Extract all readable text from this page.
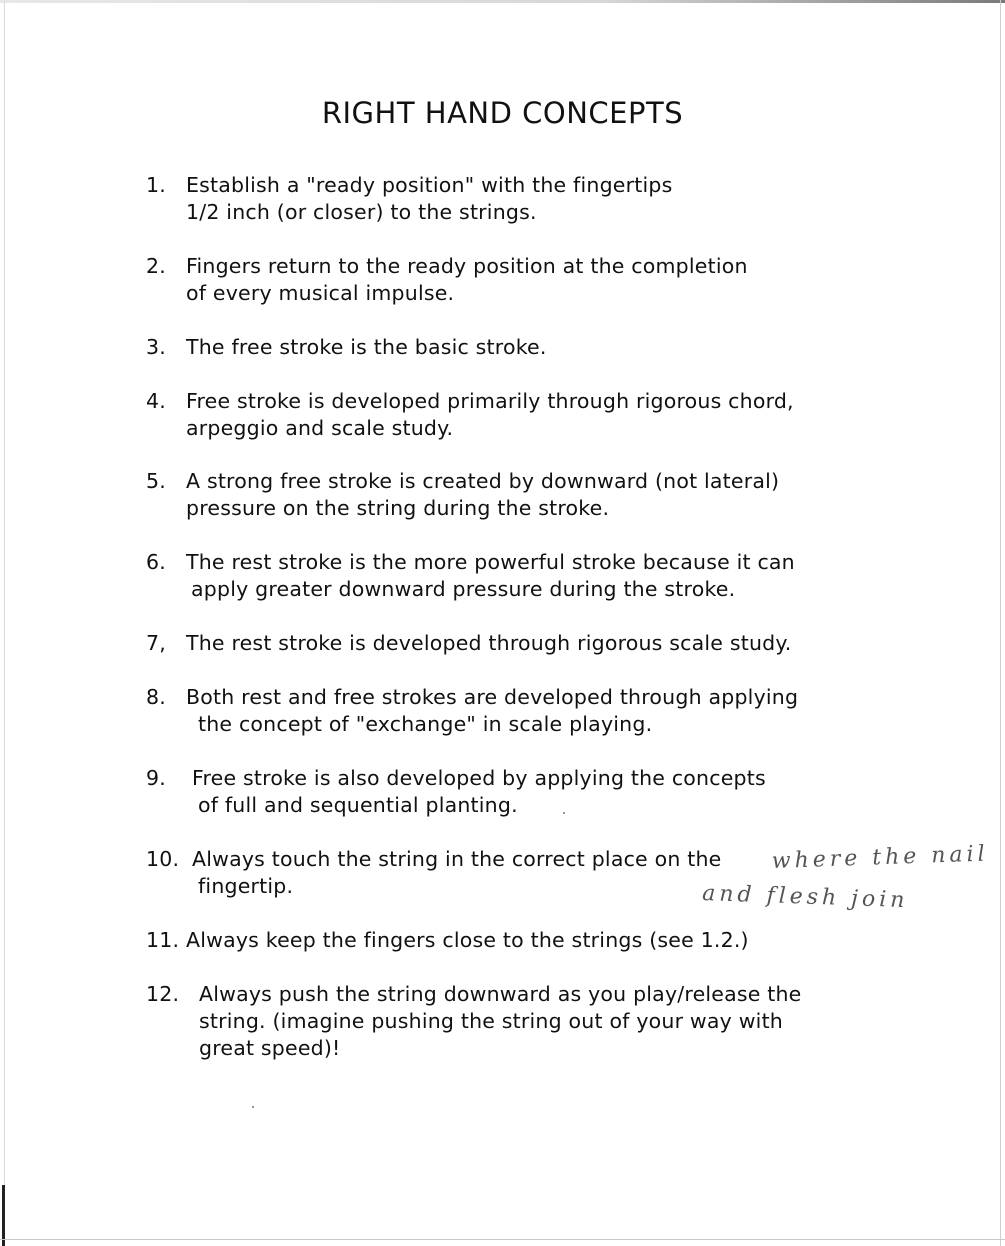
RIGHT HAND CONCEPTS
1. Establish a "ready position" with the fingertips
1/2 inch (or closer) to the strings.
2. Fingers return to the ready position at the completion
of every musical impulse.
3. The free stroke is the basic stroke.
4. Free stroke is developed primarily through rigorous chord,
arpeggio and scale study.
5. A strong free stroke is created by downward (not lateral)
pressure on the string during the stroke.
6. The rest stroke is the more powerful stroke because it can
apply greater downward pressure during the stroke.
7, The rest stroke is developed through rigorous scale study.
8. Both rest and free strokes are developed through applying
the concept of "exchange" in scale playing.
9. Free stroke is also developed by applying the concepts
of full and sequential planting.
10. Always touch the string in the correct place on the
fingertip.
11. Always keep the fingers close to the strings (see 1.2.)
12. Always push the string downward as you play/release the
string. (imagine pushing the string out of your way with
great speed)!
where the nail
and flesh join
